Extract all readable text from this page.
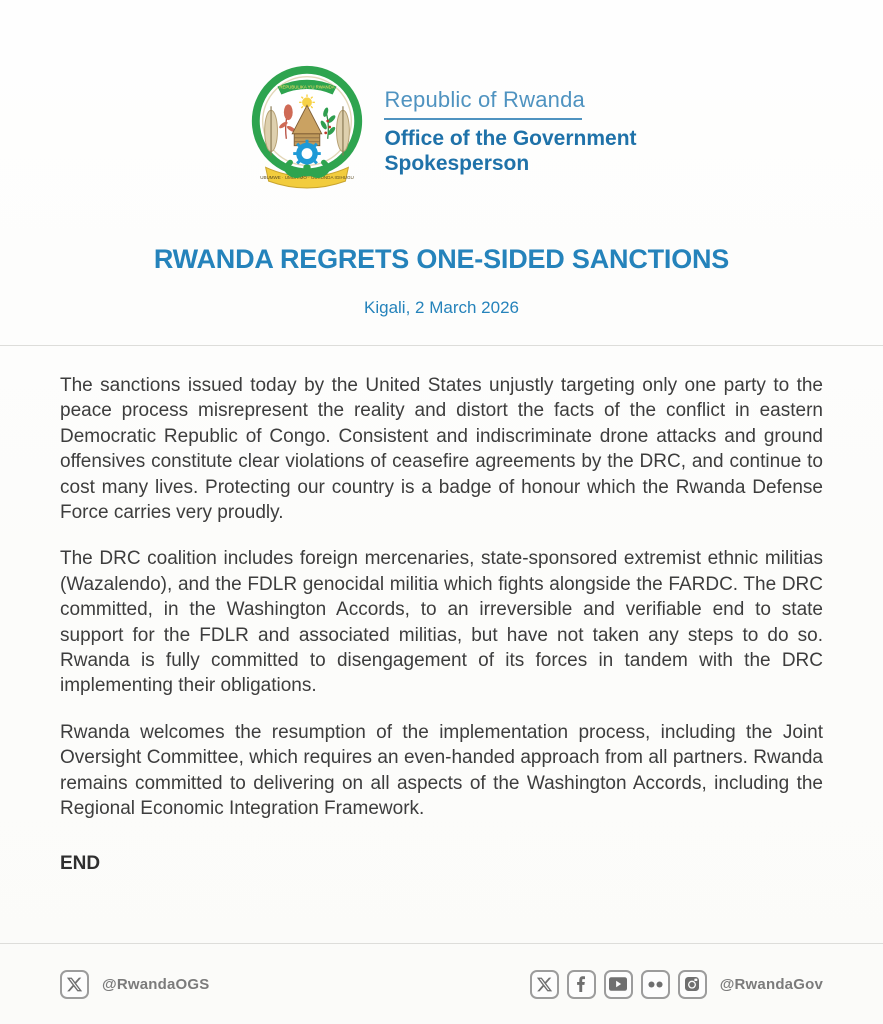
UBUMWE · UMURIMO · GUKUNDA IGIHUGU
REPUBULIKA Y'U RWANDA Republic of Rwanda
Office of the Government
Spokesperson
RWANDA REGRETS ONE-SIDED SANCTIONS
Kigali, 2 March 2026

The sanctions issued today by the United States unjustly targeting only one party to the peace process misrepresent the reality and distort the facts of the conflict in eastern Democratic Republic of Congo. Consistent and indiscriminate drone attacks and ground offensives constitute clear violations of ceasefire agreements by the DRC, and continue to cost many lives. Protecting our country is a badge of honour which the Rwanda Defense Force carries very proudly.

The DRC coalition includes foreign mercenaries, state-sponsored extremist ethnic militias (Wazalendo), and the FDLR genocidal militia which fights alongside the FARDC. The DRC committed, in the Washington Accords, to an irreversible and verifiable end to state support for the FDLR and associated militias, but have not taken any steps to do so. Rwanda is fully committed to disengagement of its forces in tandem with the DRC implementing their obligations.

Rwanda welcomes the resumption of the implementation process, including the Joint Oversight Committee, which requires an even-handed approach from all partners. Rwanda remains committed to delivering on all aspects of the Washington Accords, including the Regional Economic Integration Framework.

END
@RwandaOGS	@RwandaGov
